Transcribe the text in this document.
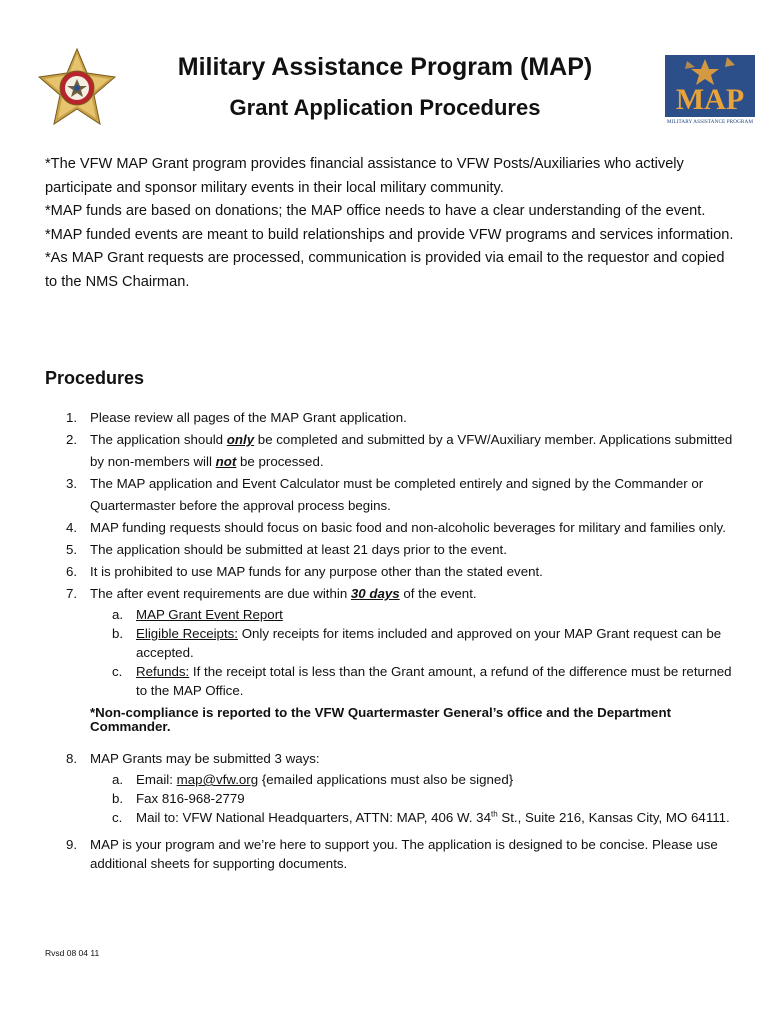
Military Assistance Program (MAP)
Grant Application Procedures	MAP
MILITARY ASSISTANCE PROGRAM

*The VFW MAP Grant program provides financial assistance to VFW Posts/Auxiliaries who actively participate and sponsor military events in their local military community.

*MAP funds are based on donations; the MAP office needs to have a clear understanding of the event.

*MAP funded events are meant to build relationships and provide VFW programs and services information.

*As MAP Grant requests are processed, communication is provided via email to the requestor and copied to the NMS Chairman.

Procedures
1. Please review all pages of the MAP Grant application.
2. The application should only be completed and submitted by a VFW/Auxiliary member. Applications submitted by non-members will not be processed.
3. The MAP application and Event Calculator must be completed entirely and signed by the Commander or Quartermaster before the approval process begins.
4. MAP funding requests should focus on basic food and non-alcoholic beverages for military and families only.
5. The application should be submitted at least 21 days prior to the event.
6. It is prohibited to use MAP funds for any purpose other than the stated event.
7. The after event requirements are due within 30 days of the event.
a. MAP Grant Event Report
b. Eligible Receipts: Only receipts for items included and approved on your MAP Grant request can be accepted.
c. Refunds: If the receipt total is less than the Grant amount, a refund of the difference must be returned to the MAP Office.
*Non-compliance is reported to the VFW Quartermaster General’s office and the Department Commander.
8. MAP Grants may be submitted 3 ways:
a. Email: map@vfw.org {emailed applications must also be signed}
b. Fax 816-968-2779
c. Mail to: VFW National Headquarters, ATTN: MAP, 406 W. 34th St., Suite 216, Kansas City, MO 64111.
9. MAP is your program and we’re here to support you. The application is designed to be concise. Please use additional sheets for supporting documents.
Rvsd 08 04 11
